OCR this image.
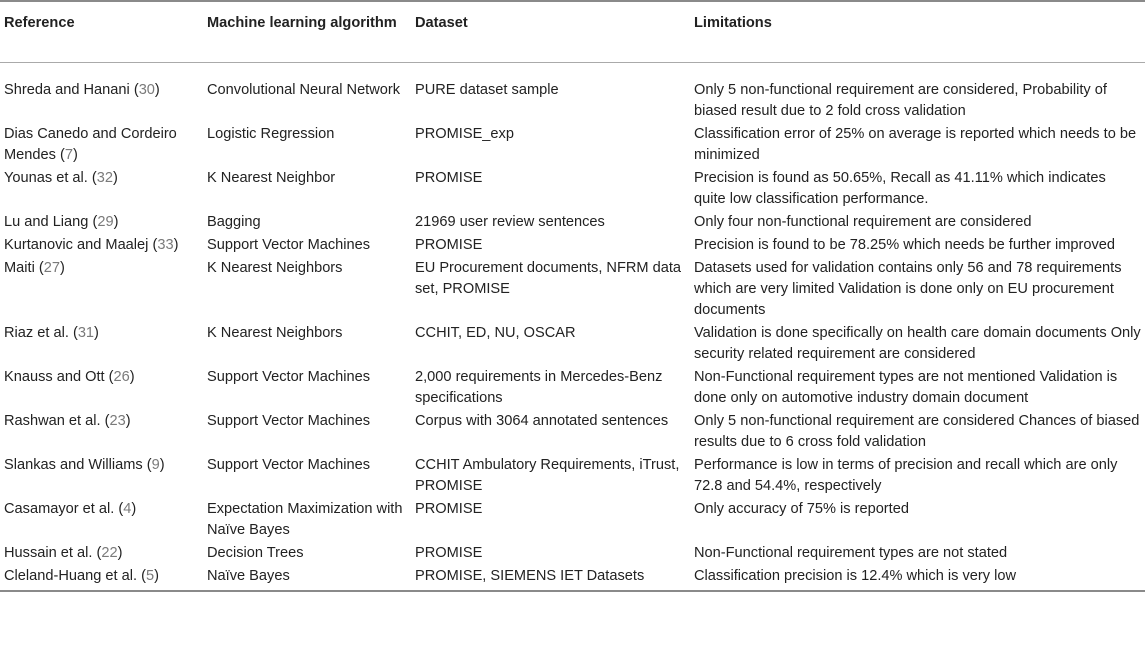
Reference	Machine learning algorithm	Dataset	Limitations
Shreda and Hanani (30)	Convolutional Neural Network	PURE dataset sample	Only 5 non-functional requirement are considered, Probability of biased result due to 2 fold cross validation
Dias Canedo and Cordeiro Mendes (7)	Logistic Regression	PROMISE_exp	Classification error of 25% on average is reported which needs to be minimized
Younas et al. (32)	K Nearest Neighbor	PROMISE	Precision is found as 50.65%, Recall as 41.11% which indicates quite low classification performance.
Lu and Liang (29)	Bagging	21969 user review sentences	Only four non-functional requirement are considered
Kurtanovic and Maalej (33)	Support Vector Machines	PROMISE	Precision is found to be 78.25% which needs be further improved
Maiti (27)	K Nearest Neighbors	EU Procurement documents, NFRM data set, PROMISE	Datasets used for validation contains only 56 and 78 requirements which are very limited Validation is done only on EU procurement documents
Riaz et al. (31)	K Nearest Neighbors	CCHIT, ED, NU, OSCAR	Validation is done specifically on health care domain documents Only security related requirement are considered
Knauss and Ott (26)	Support Vector Machines	2,000 requirements in Mercedes-Benz specifications	Non-Functional requirement types are not mentioned Validation is done only on automotive industry domain document
Rashwan et al. (23)	Support Vector Machines	Corpus with 3064 annotated sentences	Only 5 non-functional requirement are considered Chances of biased results due to 6 cross fold validation
Slankas and Williams (9)	Support Vector Machines	CCHIT Ambulatory Requirements, iTrust, PROMISE	Performance is low in terms of precision and recall which are only 72.8 and 54.4%, respectively
Casamayor et al. (4)	Expectation Maximization with Naïve Bayes	PROMISE	Only accuracy of 75% is reported
Hussain et al. (22)	Decision Trees	PROMISE	Non-Functional requirement types are not stated
Cleland-Huang et al. (5)	Naïve Bayes	PROMISE, SIEMENS IET Datasets	Classification precision is 12.4% which is very low
